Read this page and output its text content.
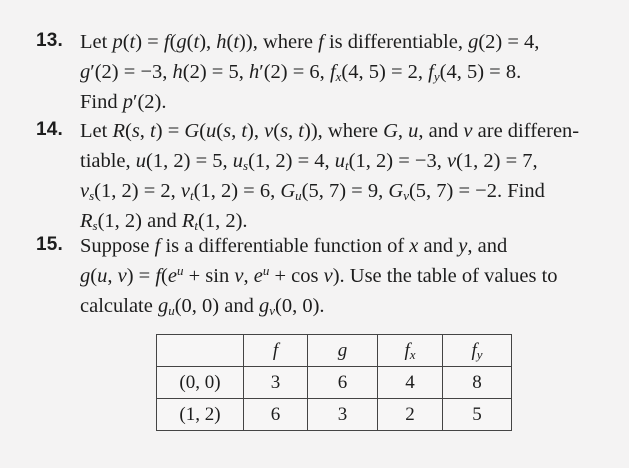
13. Let p(t) = f(g(t), h(t)), where f is differentiable, g(2) = 4,
g′(2) = −3, h(2) = 5, h′(2) = 6, $f_x(4$, 5) = 2, $f_y(4$, 5) = 8.
Find p′(2).
14. Let R(s, t) = G(u(s, t), v(s, t)), where G, u, and v are differen-
tiable, u(1, 2) = 5, $u_s(1$, 2) = 4, $u_t(1$, 2) = −3, v(1, 2) = 7,
$v_s(1$, 2) = 2, $v_t(1$, 2) = 6, $G_u(5$, 7) = 9, $G_v(5$, 7) = −2. Find
$R_s(1$, 2) and $R_t(1$, 2).
15. Suppose f is a differentiable function of x and y, and
g(u, $v) = f(e^u + \sin v$, $e^u + \cos v$). Use the table of values to
calculate $g_u(0$, 0) and $g_v(0$, 0).
	f	g	$f_x$	$f_y$
(0, 0)	3	6	4	8
(1, 2)	6	3	2	5
